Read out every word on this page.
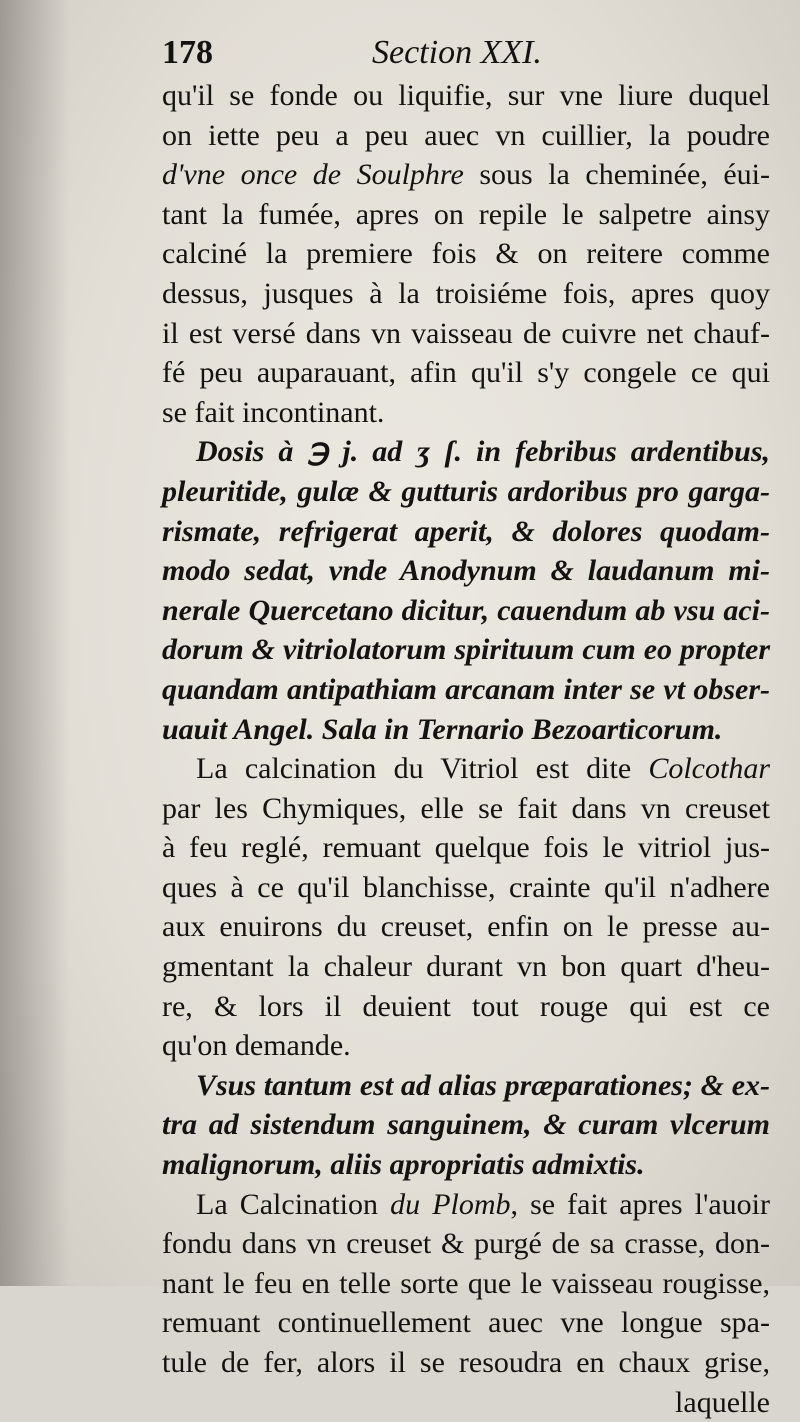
178	Section XXI.
qu'il se fonde ou liquifie, sur vne liure duquel
on iette peu a peu auec vn cuillier, la poudre
d'vne once de Soulphre sous la cheminée, éui-
tant la fumée, apres on repile le salpetre ainsy
calciné la premiere fois & on reitere comme
dessus, jusques à la troisiéme fois, apres quoy
il est versé dans vn vaisseau de cuivre net chauf-
fé peu auparauant, afin qu'il s'y congele ce qui
se fait incontinant.
Dosis à ℈ j. ad ʒ ſ. in febribus ardentibus,
pleuritide, gulæ & gutturis ardoribus pro garga-
rismate, refrigerat aperit, & dolores quodam-
modo sedat, vnde Anodynum & laudanum mi-
nerale Quercetano dicitur, cauendum ab vsu aci-
dorum & vitriolatorum spirituum cum eo propter
quandam antipathiam arcanam inter se vt obser-
uauit Angel. Sala in Ternario Bezoarticorum.
La calcination du Vitriol est dite Colcothar
par les Chymiques, elle se fait dans vn creuset
à feu reglé, remuant quelque fois le vitriol jus-
ques à ce qu'il blanchisse, crainte qu'il n'adhere
aux enuirons du creuset, enfin on le presse au-
gmentant la chaleur durant vn bon quart d'heu-
re, & lors il deuient tout rouge qui est ce
qu'on demande.
Vsus tantum est ad alias præparationes; & ex-
tra ad sistendum sanguinem, & curam vlcerum
malignorum, aliis apropriatis admixtis.
La Calcination du Plomb, se fait apres l'auoir
fondu dans vn creuset & purgé de sa crasse, don-
nant le feu en telle sorte que le vaisseau rougisse,
remuant continuellement auec vne longue spa-
tule de fer, alors il se resoudra en chaux grise,
laquelle
